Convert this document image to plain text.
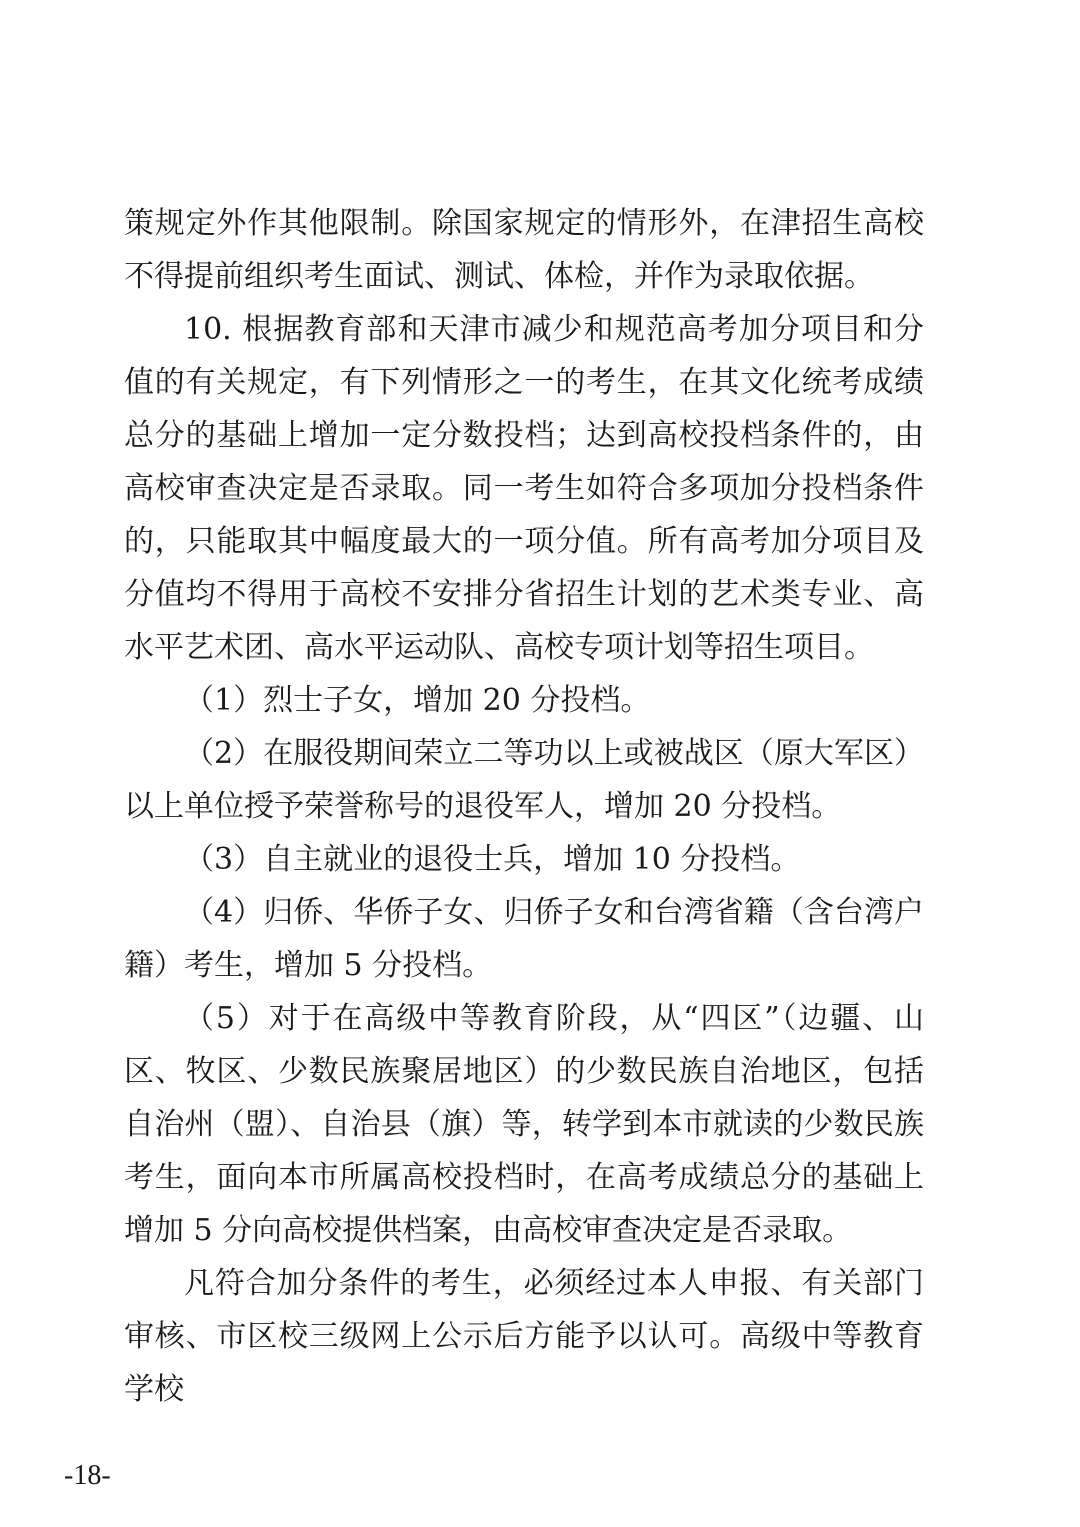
策规定外作其他限制。除国家规定的情形外，在津招生高校不得提前组织考生面试、测试、体检，并作为录取依据。

10. 根据教育部和天津市减少和规范高考加分项目和分值的有关规定，有下列情形之一的考生，在其文化统考成绩总分的基础上增加一定分数投档；达到高校投档条件的，由高校审查决定是否录取。同一考生如符合多项加分投档条件的，只能取其中幅度最大的一项分值。所有高考加分项目及分值均不得用于高校不安排分省招生计划的艺术类专业、高水平艺术团、高水平运动队、高校专项计划等招生项目。

（1）烈士子女，增加 20 分投档。

（2）在服役期间荣立二等功以上或被战区（原大军区）以上单位授予荣誉称号的退役军人，增加 20 分投档。

（3）自主就业的退役士兵，增加 10 分投档。

（4）归侨、华侨子女、归侨子女和台湾省籍（含台湾户籍）考生，增加 5 分投档。

（5）对于在高级中等教育阶段，从“四区”（边疆、山区、牧区、少数民族聚居地区）的少数民族自治地区，包括自治州（盟）、自治县（旗）等，转学到本市就读的少数民族考生，面向本市所属高校投档时，在高考成绩总分的基础上增加 5 分向高校提供档案，由高校审查决定是否录取。

凡符合加分条件的考生，必须经过本人申报、有关部门审核、市区校三级网上公示后方能予以认可。高级中等教育学校

-18-
